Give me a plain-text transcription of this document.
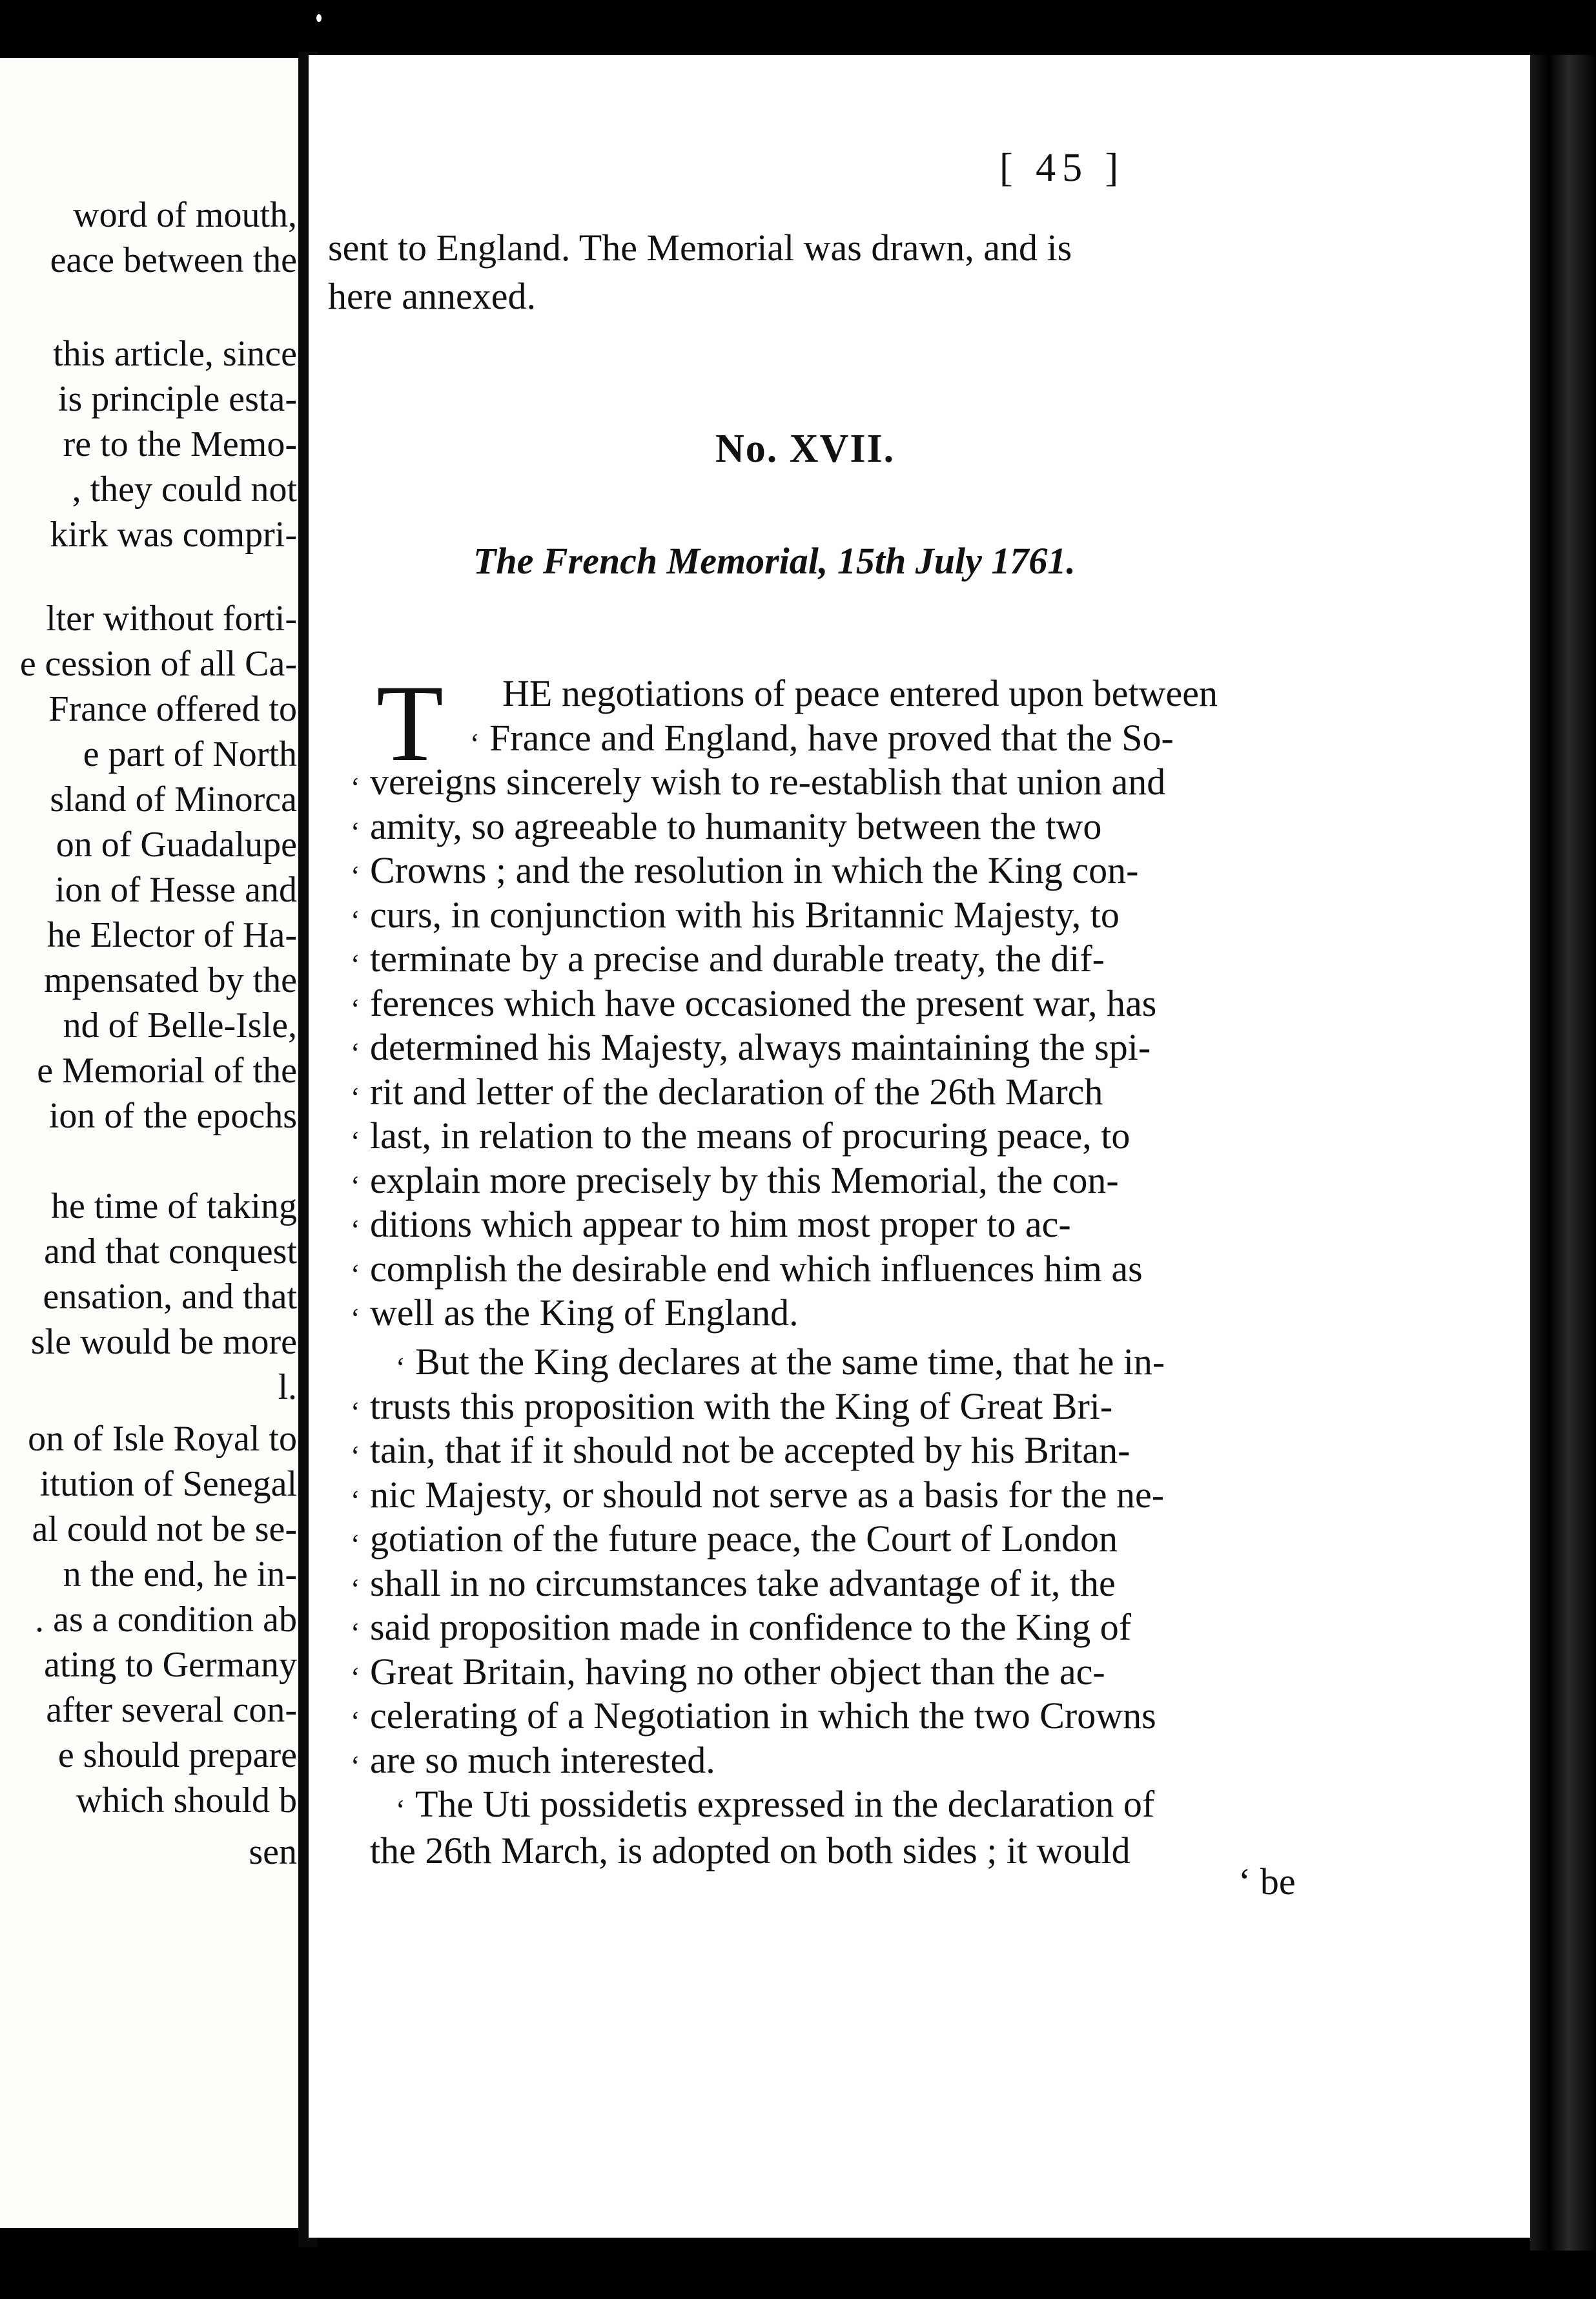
word of mouth,
eace between the
this article, since
is principle esta-
re to the Memo-
, they could not
kirk was compri-
lter without forti-
e cession of all Ca-
France offered to
e part of North
sland of Minorca
on of Guadalupe
ion of Hesse and
he Elector of Ha-
mpensated by the
nd of Belle-Isle,
e Memorial of the
ion of the epochs
he time of taking
and that conquest
ensation, and that
sle would be more
l.
on of Isle Royal to
itution of Senegal
al could not be se-
n the end, he in-
. as a condition ab
ating to Germany
after several con-
e should prepare
which should b
sen
[ 45 ]
sent to England. The Memorial was drawn, and is
here annexed.
No. XVII.
The French Memorial, 15th July 1761.
T
‘ be
HE negotiations of peace entered upon between
France and England, have proved that the So-
‘
vereigns sincerely wish to re-establish that union and
‘
amity, so agreeable to humanity between the two
‘
Crowns ; and the resolution in which the King con-
‘
curs, in conjunction with his Britannic Majesty, to
‘
terminate by a precise and durable treaty, the dif-
‘
ferences which have occasioned the present war, has
‘
determined his Majesty, always maintaining the spi-
‘
rit and letter of the declaration of the 26th March
‘
last, in relation to the means of procuring peace, to
‘
explain more precisely by this Memorial, the con-
‘
ditions which appear to him most proper to ac-
‘
complish the desirable end which influences him as
‘
well as the King of England.
‘
But the King declares at the same time, that he in-
‘
trusts this proposition with the King of Great Bri-
‘
tain, that if it should not be accepted by his Britan-
‘
nic Majesty, or should not serve as a basis for the ne-
‘
gotiation of the future peace, the Court of London
‘
shall in no circumstances take advantage of it, the
‘
said proposition made in confidence to the King of
‘
Great Britain, having no other object than the ac-
‘
celerating of a Negotiation in which the two Crowns
‘
are so much interested.
‘
The Uti possidetis expressed in the declaration of
‘
the 26th March, is adopted on both sides ; it would
